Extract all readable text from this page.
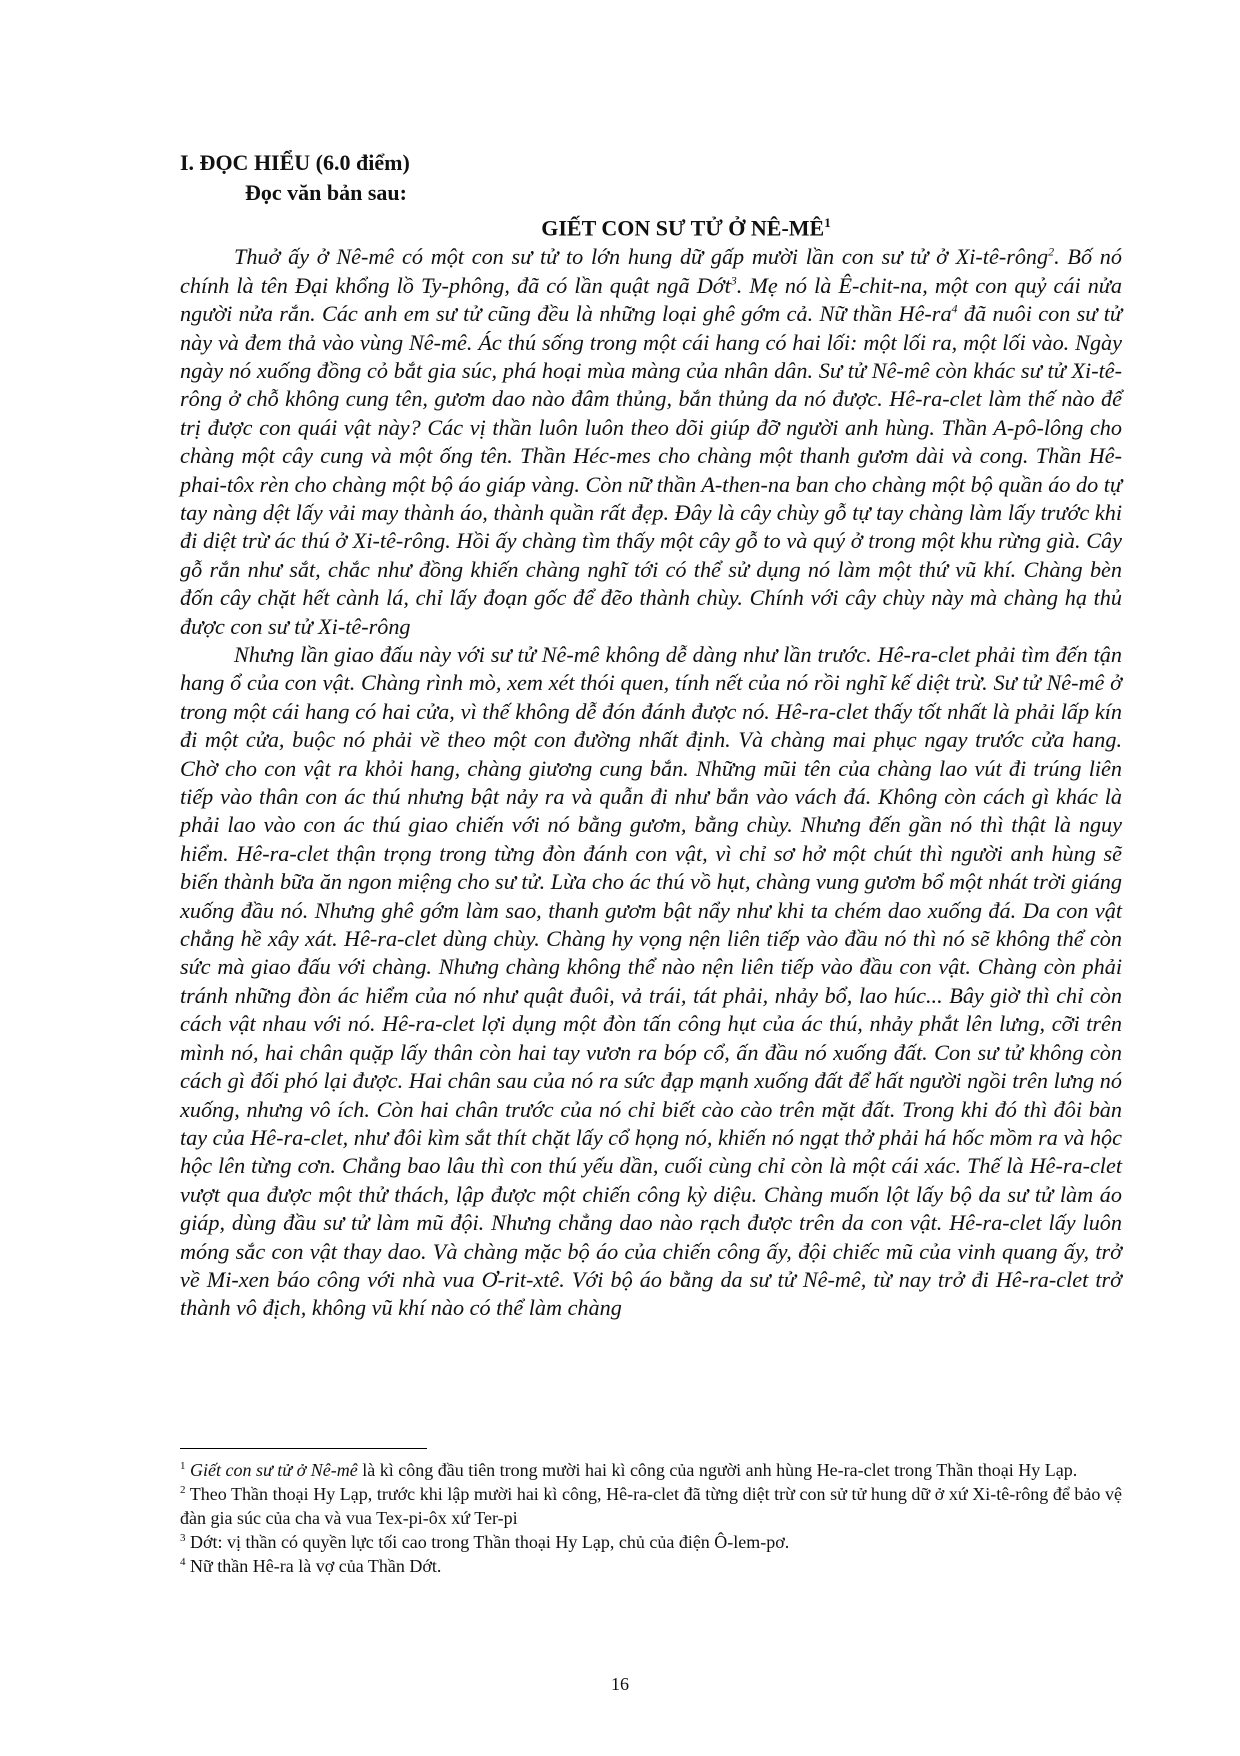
I. ĐỌC HIỂU (6.0 điểm)

Đọc văn bản sau:

GIẾT CON SƯ TỬ Ở $NÊ-MÊ^1$

Thuở ấy ở Nê-mê có một con sư tử to lớn hung dữ gấp mười lần con sư tử ở Xi-tê-rông$^2$. Bố nó chính là tên Đại khổng lồ Ty-phông, đã có lần quật ngã Dớt$^3$. Mẹ nó là Ê-chit-na, một con quỷ cái nửa người nửa rắn. Các anh em sư tử cũng đều là những loại ghê gớm cả. Nữ thần $Hê-ra^4$ đã nuôi con sư tử này và đem thả vào vùng Nê-mê. Ác thú sống trong một cái hang có hai lối: một lối ra, một lối vào. Ngày ngày nó xuống đồng cỏ bắt gia súc, phá hoại mùa màng của nhân dân. Sư tử Nê-mê còn khác sư tử Xi-tê-rông ở chỗ không cung tên, gươm dao nào đâm thủng, bắn thủng da nó được. Hê-ra-clet làm thế nào để trị được con quái vật này? Các vị thần luôn luôn theo dõi giúp đỡ người anh hùng. Thần A-pô-lông cho chàng một cây cung và một ống tên. Thần Héc-mes cho chàng một thanh gươm dài và cong. Thần Hê-phai-tôx rèn cho chàng một bộ áo giáp vàng. Còn nữ thần A-then-na ban cho chàng một bộ quần áo do tự tay nàng dệt lấy vải may thành áo, thành quần rất đẹp. Đây là cây chùy gỗ tự tay chàng làm lấy trước khi đi diệt trừ ác thú ở Xi-tê-rông. Hồi ấy chàng tìm thấy một cây gỗ to và quý ở trong một khu rừng già. Cây gỗ rắn như sắt, chắc như đồng khiến chàng nghĩ tới có thể sử dụng nó làm một thứ vũ khí. Chàng bèn đốn cây chặt hết cành lá, chỉ lấy đoạn gốc để đẽo thành chùy. Chính với cây chùy này mà chàng hạ thủ được con sư tử Xi-tê-rông

Nhưng lần giao đấu này với sư tử Nê-mê không dễ dàng như lần trước. Hê-ra-clet phải tìm đến tận hang ổ của con vật. Chàng rình mò, xem xét thói quen, tính nết của nó rồi nghĩ kế diệt trừ. Sư tử Nê-mê ở trong một cái hang có hai cửa, vì thế không dễ đón đánh được nó. Hê-ra-clet thấy tốt nhất là phải lấp kín đi một cửa, buộc nó phải về theo một con đường nhất định. Và chàng mai phục ngay trước cửa hang. Chờ cho con vật ra khỏi hang, chàng giương cung bắn. Những mũi tên của chàng lao vút đi trúng liên tiếp vào thân con ác thú nhưng bật nảy ra và quẫn đi như bắn vào vách đá. Không còn cách gì khác là phải lao vào con ác thú giao chiến với nó bằng gươm, bằng chùy. Nhưng đến gần nó thì thật là nguy hiểm. Hê-ra-clet thận trọng trong từng đòn đánh con vật, vì chỉ sơ hở một chút thì người anh hùng sẽ biến thành bữa ăn ngon miệng cho sư tử. Lừa cho ác thú vồ hụt, chàng vung gươm bổ một nhát trời giáng xuống đầu nó. Nhưng ghê gớm làm sao, thanh gươm bật nẩy như khi ta chém dao xuống đá. Da con vật chẳng hề xây xát. Hê-ra-clet dùng chùy. Chàng hy vọng nện liên tiếp vào đầu nó thì nó sẽ không thể còn sức mà giao đấu với chàng. Nhưng chàng không thể nào nện liên tiếp vào đầu con vật. Chàng còn phải tránh những đòn ác hiểm của nó như quật đuôi, vả trái, tát phải, nhảy bổ, lao húc... Bây giờ thì chỉ còn cách vật nhau với nó. Hê-ra-clet lợi dụng một đòn tấn công hụt của ác thú, nhảy phắt lên lưng, cỡi trên mình nó, hai chân quặp lấy thân còn hai tay vươn ra bóp cổ, ấn đầu nó xuống đất. Con sư tử không còn cách gì đối phó lại được. Hai chân sau của nó ra sức đạp mạnh xuống đất để hất người ngồi trên lưng nó xuống, nhưng vô ích. Còn hai chân trước của nó chỉ biết cào cào trên mặt đất. Trong khi đó thì đôi bàn tay của Hê-ra-clet, như đôi kìm sắt thít chặt lấy cổ họng nó, khiến nó ngạt thở phải há hốc mồm ra và hộc hộc lên từng cơn. Chẳng bao lâu thì con thú yếu dần, cuối cùng chỉ còn là một cái xác. Thế là Hê-ra-clet vượt qua được một thử thách, lập được một chiến công kỳ diệu. Chàng muốn lột lấy bộ da sư tử làm áo giáp, dùng đầu sư tử làm mũ đội. Nhưng chẳng dao nào rạch được trên da con vật. Hê-ra-clet lấy luôn móng sắc con vật thay dao. Và chàng mặc bộ áo của chiến công ấy, đội chiếc mũ của vinh quang ấy, trở về Mi-xen báo công với nhà vua Ơ-rit-xtê. Với bộ áo bằng da sư tử Nê-mê, từ nay trở đi Hê-ra-clet trở thành vô địch, không vũ khí nào có thể làm chàng

$^1$ Giết con sư tử ở Nê-mê là kì công đầu tiên trong mười hai kì công của người anh hùng He-ra-clet trong Thần thoại Hy Lạp.

$^2$ Theo Thần thoại Hy Lạp, trước khi lập mười hai kì công, Hê-ra-clet đã từng diệt trừ con sử tử hung dữ ở xứ Xi-tê-rông để bảo vệ đàn gia súc của cha và vua Tex-pi-ôx xứ Ter-pi

$^3$ Dớt: vị thần có quyền lực tối cao trong Thần thoại Hy Lạp, chủ của điện Ô-lem-pơ.

$^4$ Nữ thần Hê-ra là vợ của Thần Dớt.

16
